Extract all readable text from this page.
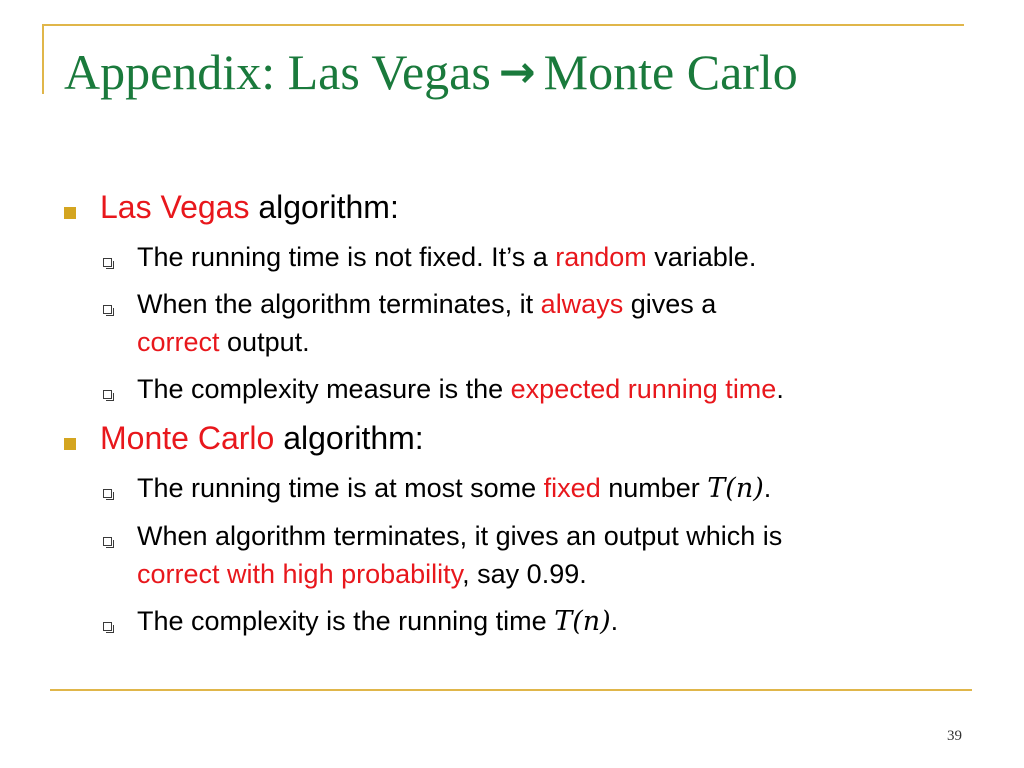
Appendix: Las Vegas → Monte Carlo
Las Vegas algorithm:
The running time is not fixed. It’s a random variable.
When the algorithm terminates, it always gives a
correct output.
The complexity measure is the expected running time.
Monte Carlo algorithm:
The running time is at most some fixed number T(n).
When algorithm terminates, it gives an output which is
correct with high probability, say 0.99.
The complexity is the running time T(n).
39
